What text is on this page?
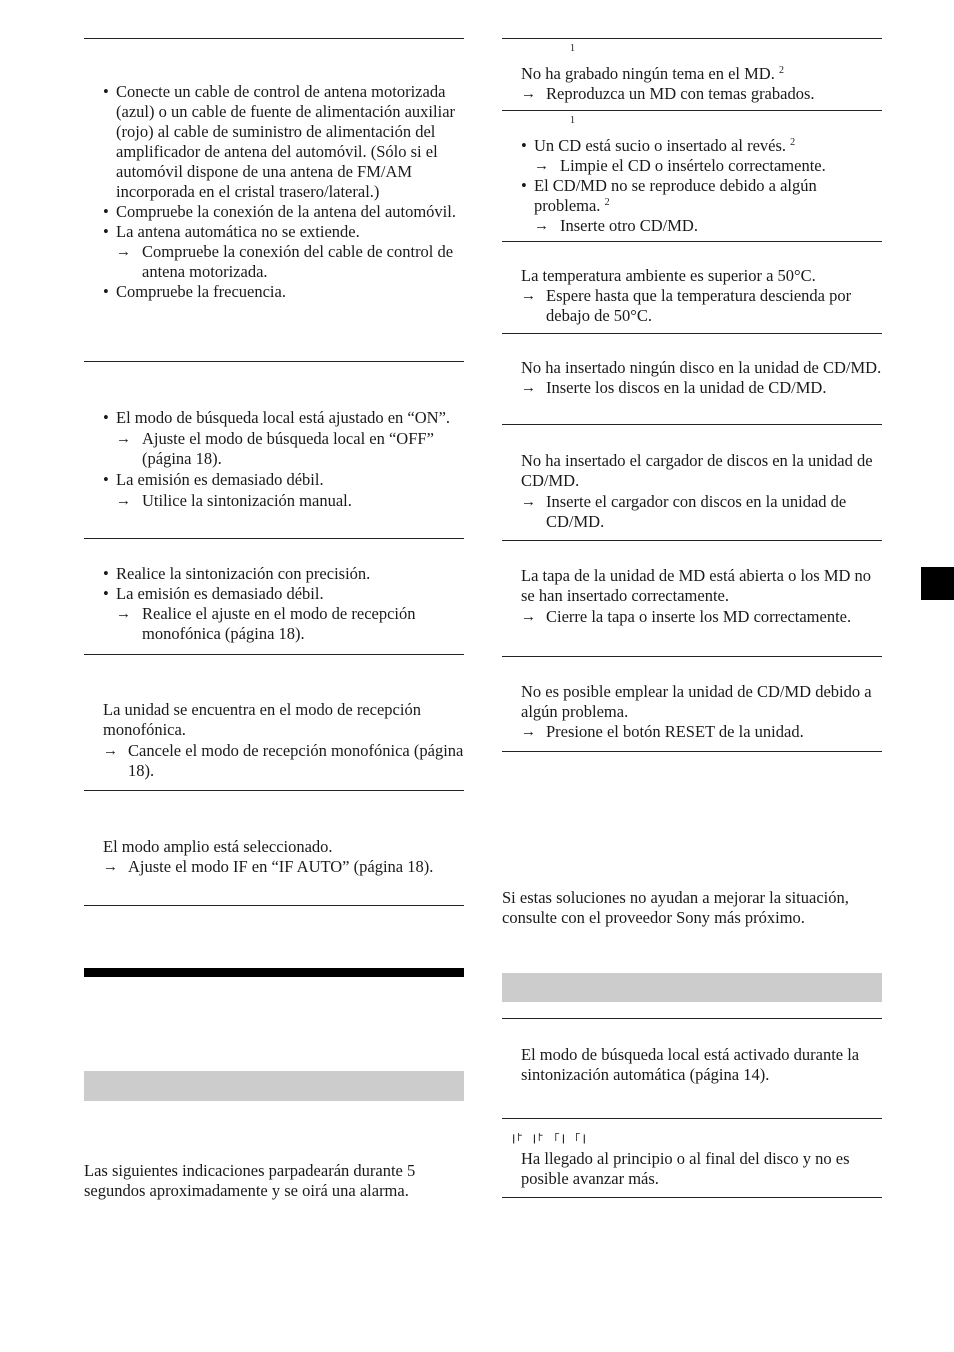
• Conecte un cable de control de antena motorizada (azul) o un cable de fuente de alimentación auxiliar (rojo) al cable de suministro de alimentación del amplificador de antena del automóvil. (Sólo si el automóvil dispone de una antena de FM/AM incorporada en el cristal trasero/lateral.)
• Compruebe la conexión de la antena del automóvil.
• La antena automática no se extiende.
→ Compruebe la conexión del cable de control de antena motorizada.
• Compruebe la frecuencia.
• El modo de búsqueda local está ajustado en “ON”.
→ Ajuste el modo de búsqueda local en “OFF” (página 18).
• La emisión es demasiado débil.
→ Utilice la sintonización manual.
• Realice la sintonización con precisión.
• La emisión es demasiado débil.
→ Realice el ajuste en el modo de recepción monofónica (página 18).
La unidad se encuentra en el modo de recepción monofónica.
→ Cancele el modo de recepción monofónica (página 18).
El modo amplio está seleccionado.
→ Ajuste el modo IF en “IF AUTO” (página 18).
Las siguientes indicaciones parpadearán durante 5 segundos aproximadamente y se oirá una alarma.
1
No ha grabado ningún tema en el MD. $^2$
→ Reproduzca un MD con temas grabados.
1
• Un CD está sucio o insertado al revés. $^2$
→ Limpie el CD o insértelo correctamente.
• El CD/MD no se reproduce debido a algún problema. $^2$
→ Inserte otro CD/MD.
La temperatura ambiente es superior a 50°C.
→ Espere hasta que la temperatura descienda por debajo de 50°C.
No ha insertado ningún disco en la unidad de CD/MD.
→ Inserte los discos en la unidad de CD/MD.
No ha insertado el cargador de discos en la unidad de CD/MD.
→ Inserte el cargador con discos en la unidad de CD/MD.
La tapa de la unidad de MD está abierta o los MD no se han insertado correctamente.
→ Cierre la tapa o inserte los MD correctamente.
No es posible emplear la unidad de CD/MD debido a algún problema.
→ Presione el botón RESET de la unidad.
Si estas soluciones no ayudan a mejorar la situación, consulte con el proveedor Sony más próximo.
El modo de búsqueda local está activado durante la sintonización automática (página 14).
ꞁ꜓ ꞁ꜓ ꜒ꞁ ꜒ꞁ
Ha llegado al principio o al final del disco y no es posible avanzar más.
